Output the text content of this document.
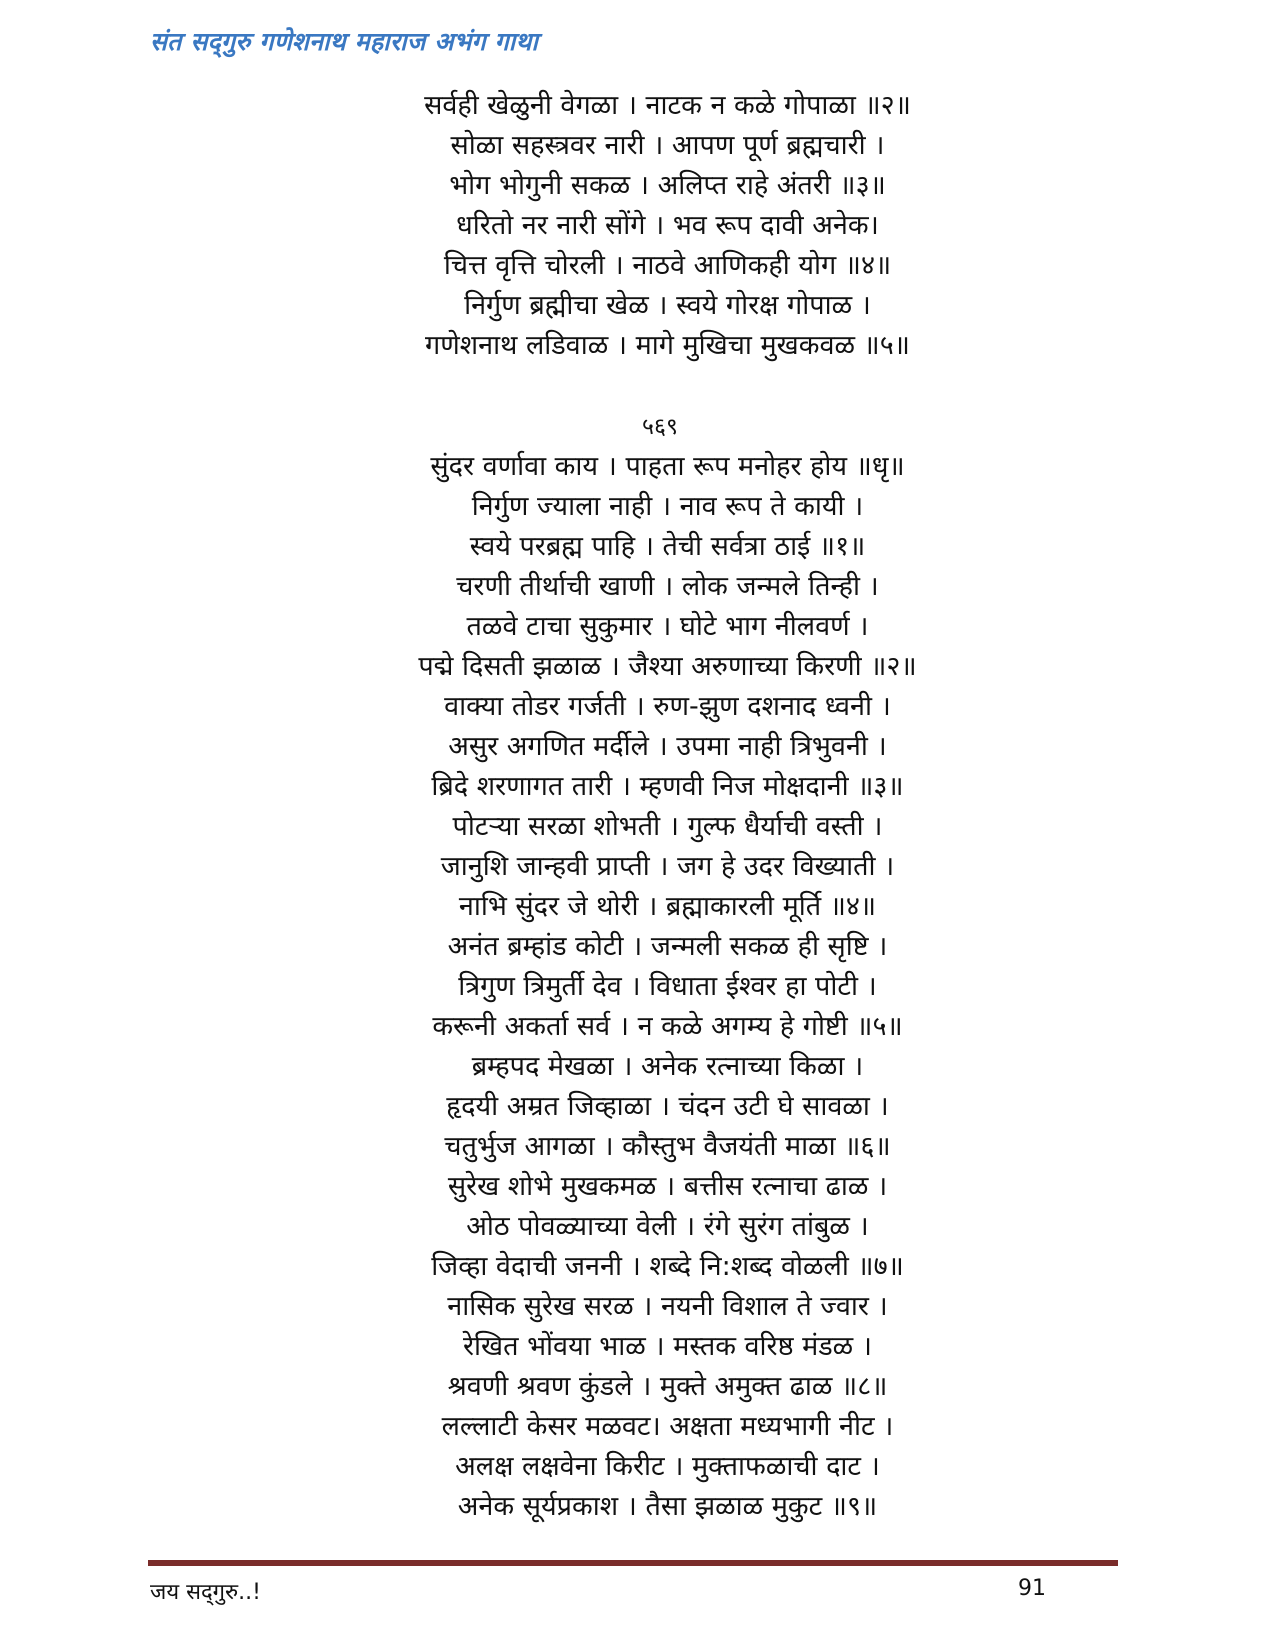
संत सद्‌गुरु गणेशनाथ महाराज अभंग गाथा
सर्वही खेळुनी वेगळा । नाटक न कळे गोपाळा ॥२॥
सोळा सहस्त्रवर नारी । आपण पूर्ण ब्रह्मचारी ।
भोग भोगुनी सकळ । अलिप्त राहे अंतरी ॥३॥
धरितो नर नारी सोंगे । भव रूप दावी अनेक।
चित्त वृत्ति चोरली । नाठवे आणिकही योग ॥४॥
निर्गुण ब्रह्मीचा खेळ । स्वये गोरक्ष गोपाळ ।
गणेशनाथ लडिवाळ । मागे मुखिचा मुखकवळ ॥५॥
५६९
सुंदर वर्णावा काय । पाहता रूप मनोहर होय ॥धृ॥
निर्गुण ज्याला नाही । नाव रूप ते कायी ।
स्वये परब्रह्म पाहि । तेची सर्वत्रा ठाई ॥१॥
चरणी तीर्थाची खाणी । लोक जन्मले तिन्ही ।
तळवे टाचा सुकुमार । घोटे भाग नीलवर्ण ।
पद्मे दिसती झळाळ । जैश्या अरुणाच्या किरणी ॥२॥
वाक्या तोडर गर्जती । रुण-झुण दशनाद ध्वनी ।
असुर अगणित मर्दीले । उपमा नाही त्रिभुवनी ।
ब्रिदे शरणागत तारी । म्हणवी निज मोक्षदानी ॥३॥
पोटऱ्या सरळा शोभती । गुल्फ धैर्याची वस्ती ।
जानुशि जान्हवी प्राप्ती । जग हे उदर विख्याती ।
नाभि सुंदर जे थोरी । ब्रह्माकारली मूर्ति ॥४॥
अनंत ब्रम्हांड कोटी । जन्मली सकळ ही सृष्टि ।
त्रिगुण त्रिमुर्ती देव । विधाता ईश्वर हा पोटी ।
करूनी अकर्ता सर्व । न कळे अगम्य हे गोष्टी ॥५॥
ब्रम्हपद मेखळा । अनेक रत्नाच्या किळा ।
हृदयी अम्रत जिव्हाळा । चंदन उटी घे सावळा ।
चतुर्भुज आगळा । कौस्तुभ वैजयंती माळा ॥६॥
सुरेख शोभे मुखकमळ । बत्तीस रत्नाचा ढाळ ।
ओठ पोवळ्याच्या वेली । रंगे सुरंग तांबुळ ।
जिव्हा वेदाची जननी । शब्दे नि:शब्द वोळली ॥७॥
नासिक सुरेख सरळ । नयनी विशाल ते ज्वार ।
रेखित भोंवया भाळ । मस्तक वरिष्ठ मंडळ ।
श्रवणी श्रवण कुंडले । मुक्ते अमुक्त ढाळ ॥८॥
लल्लाटी केसर मळवट। अक्षता मध्यभागी नीट ।
अलक्ष लक्षवेना किरीट । मुक्ताफळाची दाट ।
अनेक सूर्यप्रकाश । तैसा झळाळ मुकुट ॥९॥
जय सद्‌गुरु..!	91
